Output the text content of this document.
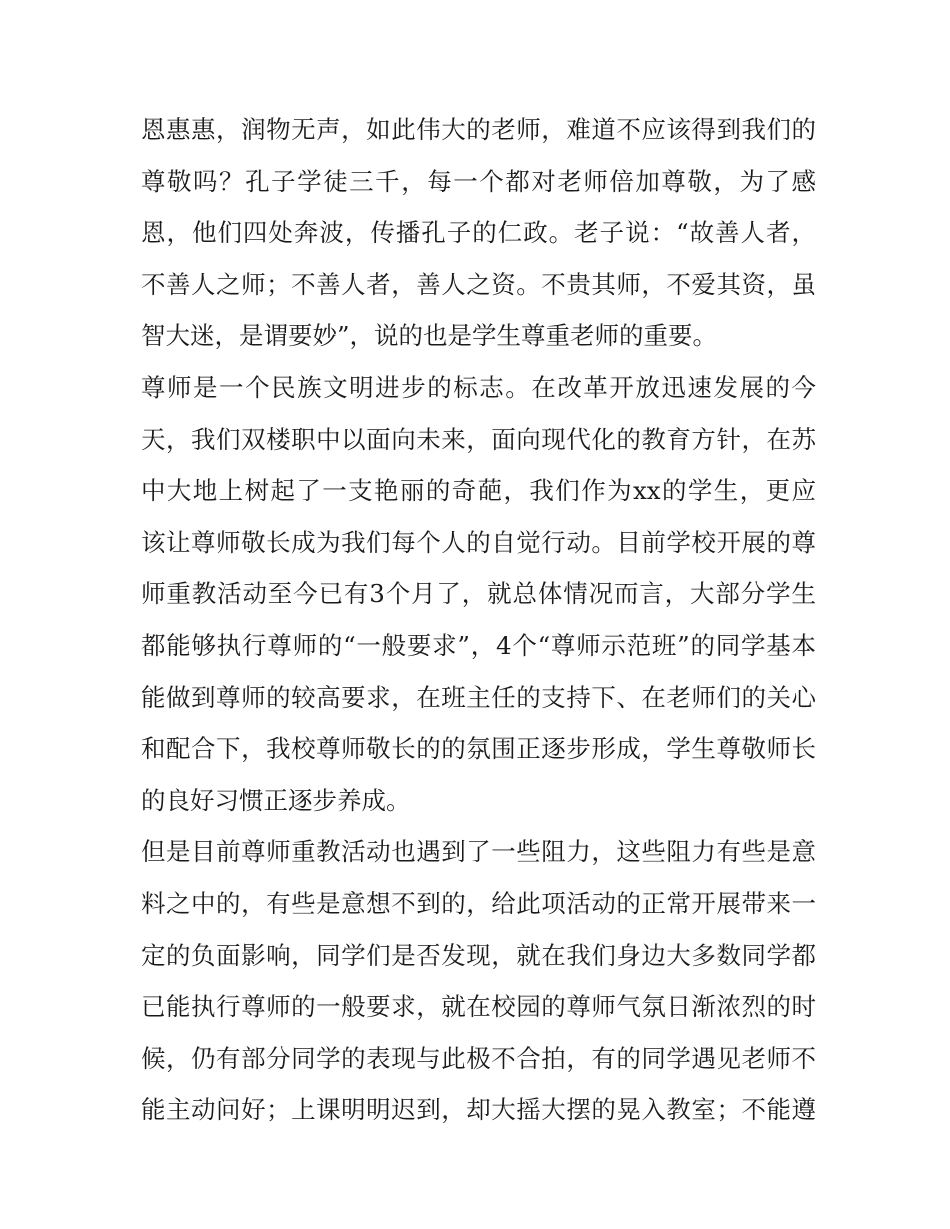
恩惠惠，润物无声，如此伟大的老师，难道不应该得到我们的
尊敬吗？孔子学徒三千，每一个都对老师倍加尊敬，为了感
恩，他们四处奔波，传播孔子的仁政。老子说：“故善人者，
不善人之师；不善人者，善人之资。不贵其师，不爱其资，虽
智大迷，是谓要妙”，说的也是学生尊重老师的重要。
尊师是一个民族文明进步的标志。在改革开放迅速发展的今
天，我们双楼职中以面向未来，面向现代化的教育方针，在苏
中大地上树起了一支艳丽的奇葩，我们作为xx的学生，更应
该让尊师敬长成为我们每个人的自觉行动。目前学校开展的尊
师重教活动至今已有3个月了，就总体情况而言，大部分学生
都能够执行尊师的“一般要求”，4个“尊师示范班”的同学基本
能做到尊师的较高要求，在班主任的支持下、在老师们的关心
和配合下，我校尊师敬长的的氛围正逐步形成，学生尊敬师长
的良好习惯正逐步养成。
但是目前尊师重教活动也遇到了一些阻力，这些阻力有些是意
料之中的，有些是意想不到的，给此项活动的正常开展带来一
定的负面影响，同学们是否发现，就在我们身边大多数同学都
已能执行尊师的一般要求，就在校园的尊师气氛日渐浓烈的时
候，仍有部分同学的表现与此极不合拍，有的同学遇见老师不
能主动问好；上课明明迟到，却大摇大摆的晃入教室；不能遵
